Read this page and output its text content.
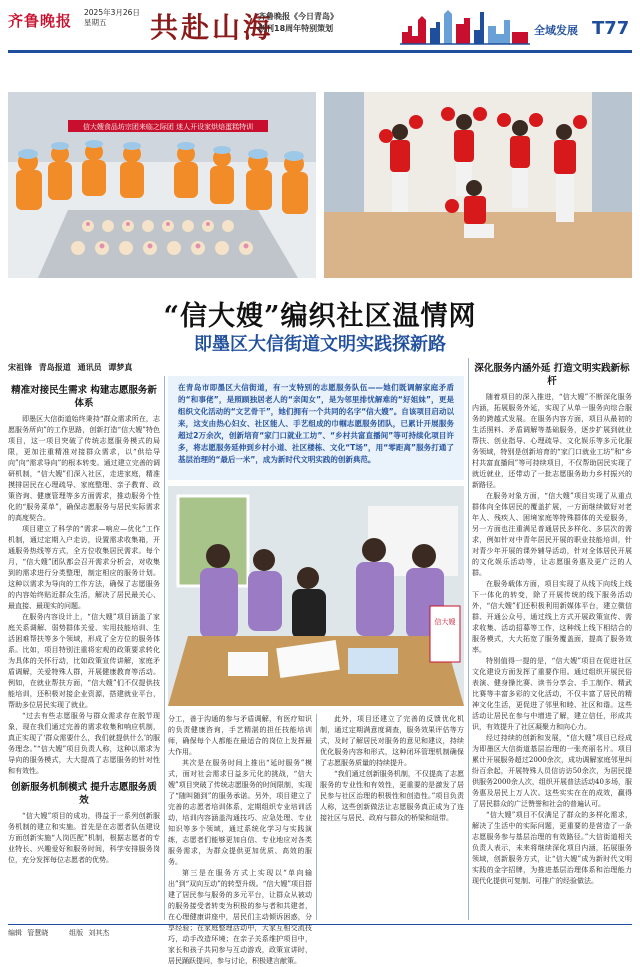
齐鲁晚报 2025年3月26日
星期五	共赴山海
齐鲁晚报《今日青岛》
创刊18周年特别策划	全域发展 T77
信大嫂食品坊宗团来临之际团 迷人开设家烘焙蛋糕特训
“信大嫂”编织社区温情网
即墨区大信街道文明实践探新路
宋祖锋 青岛报道 通讯员 谭梦真
精准对接民生需求 构建志愿服务新体系

即墨区大信街道始终秉持“群众需求所在，志愿服务所向”的工作思路，创新打造“信大嫂”特色项目，这一项目突破了传统志愿服务模式的局限，更加注重精准对接群众需求，以“供给导向”向“需求导向”的根本转变。通过建立完善的调研机制，“信大嫂”们深入社区，走进家庭，精准摸排居民在心理疏导、家庭整理、亲子教育、政策咨询、健康管理等多方面需求，推动服务个性化的“服务菜单”，确保志愿服务与居民实际需求的高度契合。

项目建立了科学的“需求—响应—优化”工作机制，通过定期入户走访，设置需求收集箱，开通服务热线等方式，全方位收集居民需求。每个月，“信大嫂”团队都会召开需求分析会，对收集到的需求进行分类整理，制定相应的服务计划。这种以需求为导向的工作方法，确保了志愿服务的内容始终贴近群众生活，解决了居民最关心、最直接、最现实的问题。

在服务内容设计上，“信大嫂”项目涵盖了家庭关系调解、弱势群体关爱、实用技能培训、生活困难帮扶等多个领域，形成了全方位的服务体系。比如，项目特别注重将宏观的政策要求转化为具体的关怀行动，比如政策宣传讲解，家庭矛盾调解，关爱特殊人群，开展健康教育等活动。例如，在就业帮扶方面，“信大嫂”们不仅提供技能培训，还积极对接企业资源，搭建就业平台，帮助多位居民实现了就业。

“过去有些志愿服务与群众需求存在脱节现象，现在我们通过完善的需求收集和响应机制，真正实现了‘群众需要什么，我们就提供什么’的服务理念。”“信大嫂”项目负责人称，这种以需求为导向的服务模式，大大提高了志愿服务的针对性和有效性。

创新服务机制模式 提升志愿服务质效

“信大嫂”项目的成功，得益于一系列创新服务机制的建立和实施。首先是在志愿者队伍建设方面创新实施“人岗匹配”机制，根据志愿者的专业特长、兴趣爱好和服务时间，科学安排服务岗位，充分发挥每位志愿者的优势。

在青岛市即墨区大信街道，有一支特别的志愿服务队伍——她们既调解家庭矛盾的“和事佬”，是照顾独居老人的“亲闺女”，是为邻里排忧解难的“好姐妹”，更是组织文化活动的“文艺骨干”，她们拥有一个共同的名字“信大嫂”。自该项目启动以来，这支由热心妇女、社区能人、手艺组成的巾帼志愿服务团队，已累计开展服务超过2万余次，创新培育“家门口就业工坊”、“乡村共富直播间”等可持续化项目许多，将志愿服务延伸到乡村小道、社区楼栋、文化“T场”，用“零距离”服务打通了基层治理的“最后一米”，成为新时代文明实践的创新典范。
信大嫂

分工，善于沟通的参与矛盾调解，有医疗知识的负责健康咨询，手艺精湛的担任技能培训师，确保每个人都能在最适合的岗位上发挥最大作用。

其次是在服务时间上推出“延时服务”模式，面对社会需求日益多元化的挑战，“信大嫂”项目突破了传统志愿服务的时间限制，实现了“随叫随到”的服务承诺。另外，项目建立了完善的志愿者培训体系，定期组织专业培训活动，培训内容涵盖沟通技巧、应急处理、专业知识等多个领域，通过系统化学习与实践演练，志愿者们能够更加自信、专业地应对各类服务需求，为群众提供更加优质、高效的服务。

第三是在服务方式上实现以“单向输出”到“双向互动”的转型升级。“信大嫂”项目搭建了居民参与服务的多元平台，让群众从被动的服务接受者转变为积极的参与者和共建者，在心理健康讲座中，居民们主动倾诉困惑，分享经验；在家庭整理活动中，大家互相交流技巧，动手改造环境；在亲子关系维护项目中，家长和孩子共同参与互动游戏，政策宣讲时，居民踊跃提问，参与讨论，积极建言献策。

此外，项目还建立了完善的反馈优化机制，通过定期满意度调查，服务效果评估等方式，及时了解居民对服务的意见和建议，持续优化服务内容和形式，这种闭环管理机制确保了志愿服务质量的持续提升。

“我们通过创新服务机制，不仅提高了志愿服务的专业性和有效性，更重要的是激发了居民参与社区治理的积极性和创造性。”项目负责人称，这些创新做法让志愿服务真正成为了连接社区与居民、政府与群众的桥梁和纽带。

深化服务内涵外延 打造文明实践新标杆

随着项目的深入推进，“信大嫂”不断深化服务内涵，拓展服务外延，实现了从单一服务向综合服务的跨越式发展。在服务内容方面，项目从最初的生活照料、矛盾调解等基础服务，逐步扩展到就业帮扶、创业指导、心理疏导、文化娱乐等多元化服务领域，特别是创新培育的“家门口就业工坊”和“乡村共富直播间”等可持续项目，不仅帮助居民实现了就近就业，还带动了一批志愿服务助力乡村振兴的新路径。

在服务对象方面，“信大嫂”项目实现了从重点群体向全体居民的覆盖扩展，一方面继续做好对老年人、残疾人、困境家庭等特殊群体的关爱服务，另一方面也注重满足普通居民多样化、多层次的需求，例如针对中青年居民开展的职业技能培训，针对青少年开展的课外辅导活动，针对全体居民开展的文化娱乐活动等，让志愿服务惠及更广泛的人群。

在服务载体方面，项目实现了从线下向线上线下一体化的转变，除了开展传统的线下服务活动外，“信大嫂”们还积极利用新媒体平台，建立微信群、开通公众号，通过线上方式开展政策宣传、需求收集、活动招募等工作，这种线上线下相结合的服务模式，大大拓宽了服务覆盖面，提高了服务效率。

特别值得一提的是，“信大嫂”项目在促进社区文化建设方面发挥了重要作用。通过组织开展民俗表演、健身操比赛、读书分享会、手工制作、精武比赛等丰富多彩的文化活动，不仅丰富了居民的精神文化生活，更促进了邻里和睦、社区和谐。这些活动让居民在参与中增进了解，建立信任，形成共识，有效提升了社区凝聚力和向心力。

经过持续的创新和发展，“信大嫂”项目已经成为即墨区大信街道基层治理的一张亮丽名片。项目累计开展服务超过2000余次，成功调解家庭邻里纠纷百余起，开展特殊人员信访访50余次，为居民提供服务2000余人次，组织开展普法活动40多场，服务惠及居民上万人次。这些实实在在的成效，赢得了居民群众的广泛赞誉和社会的普遍认可。

“信大嫂”项目不仅满足了群众的多样化需求，解决了生活中的实际问题，更重要的是营造了一条志愿服务参与基层治理的有效路径。”大信街道相关负责人表示，未来将继续深化项目内涵，拓展服务领域，创新服务方式，让“信大嫂”成为新时代文明实践的金字招牌，为推进基层治理体系和治理能力现代化提供可复制、可推广的经验做法。

编辑 管慧晓	组版 刘其杰
